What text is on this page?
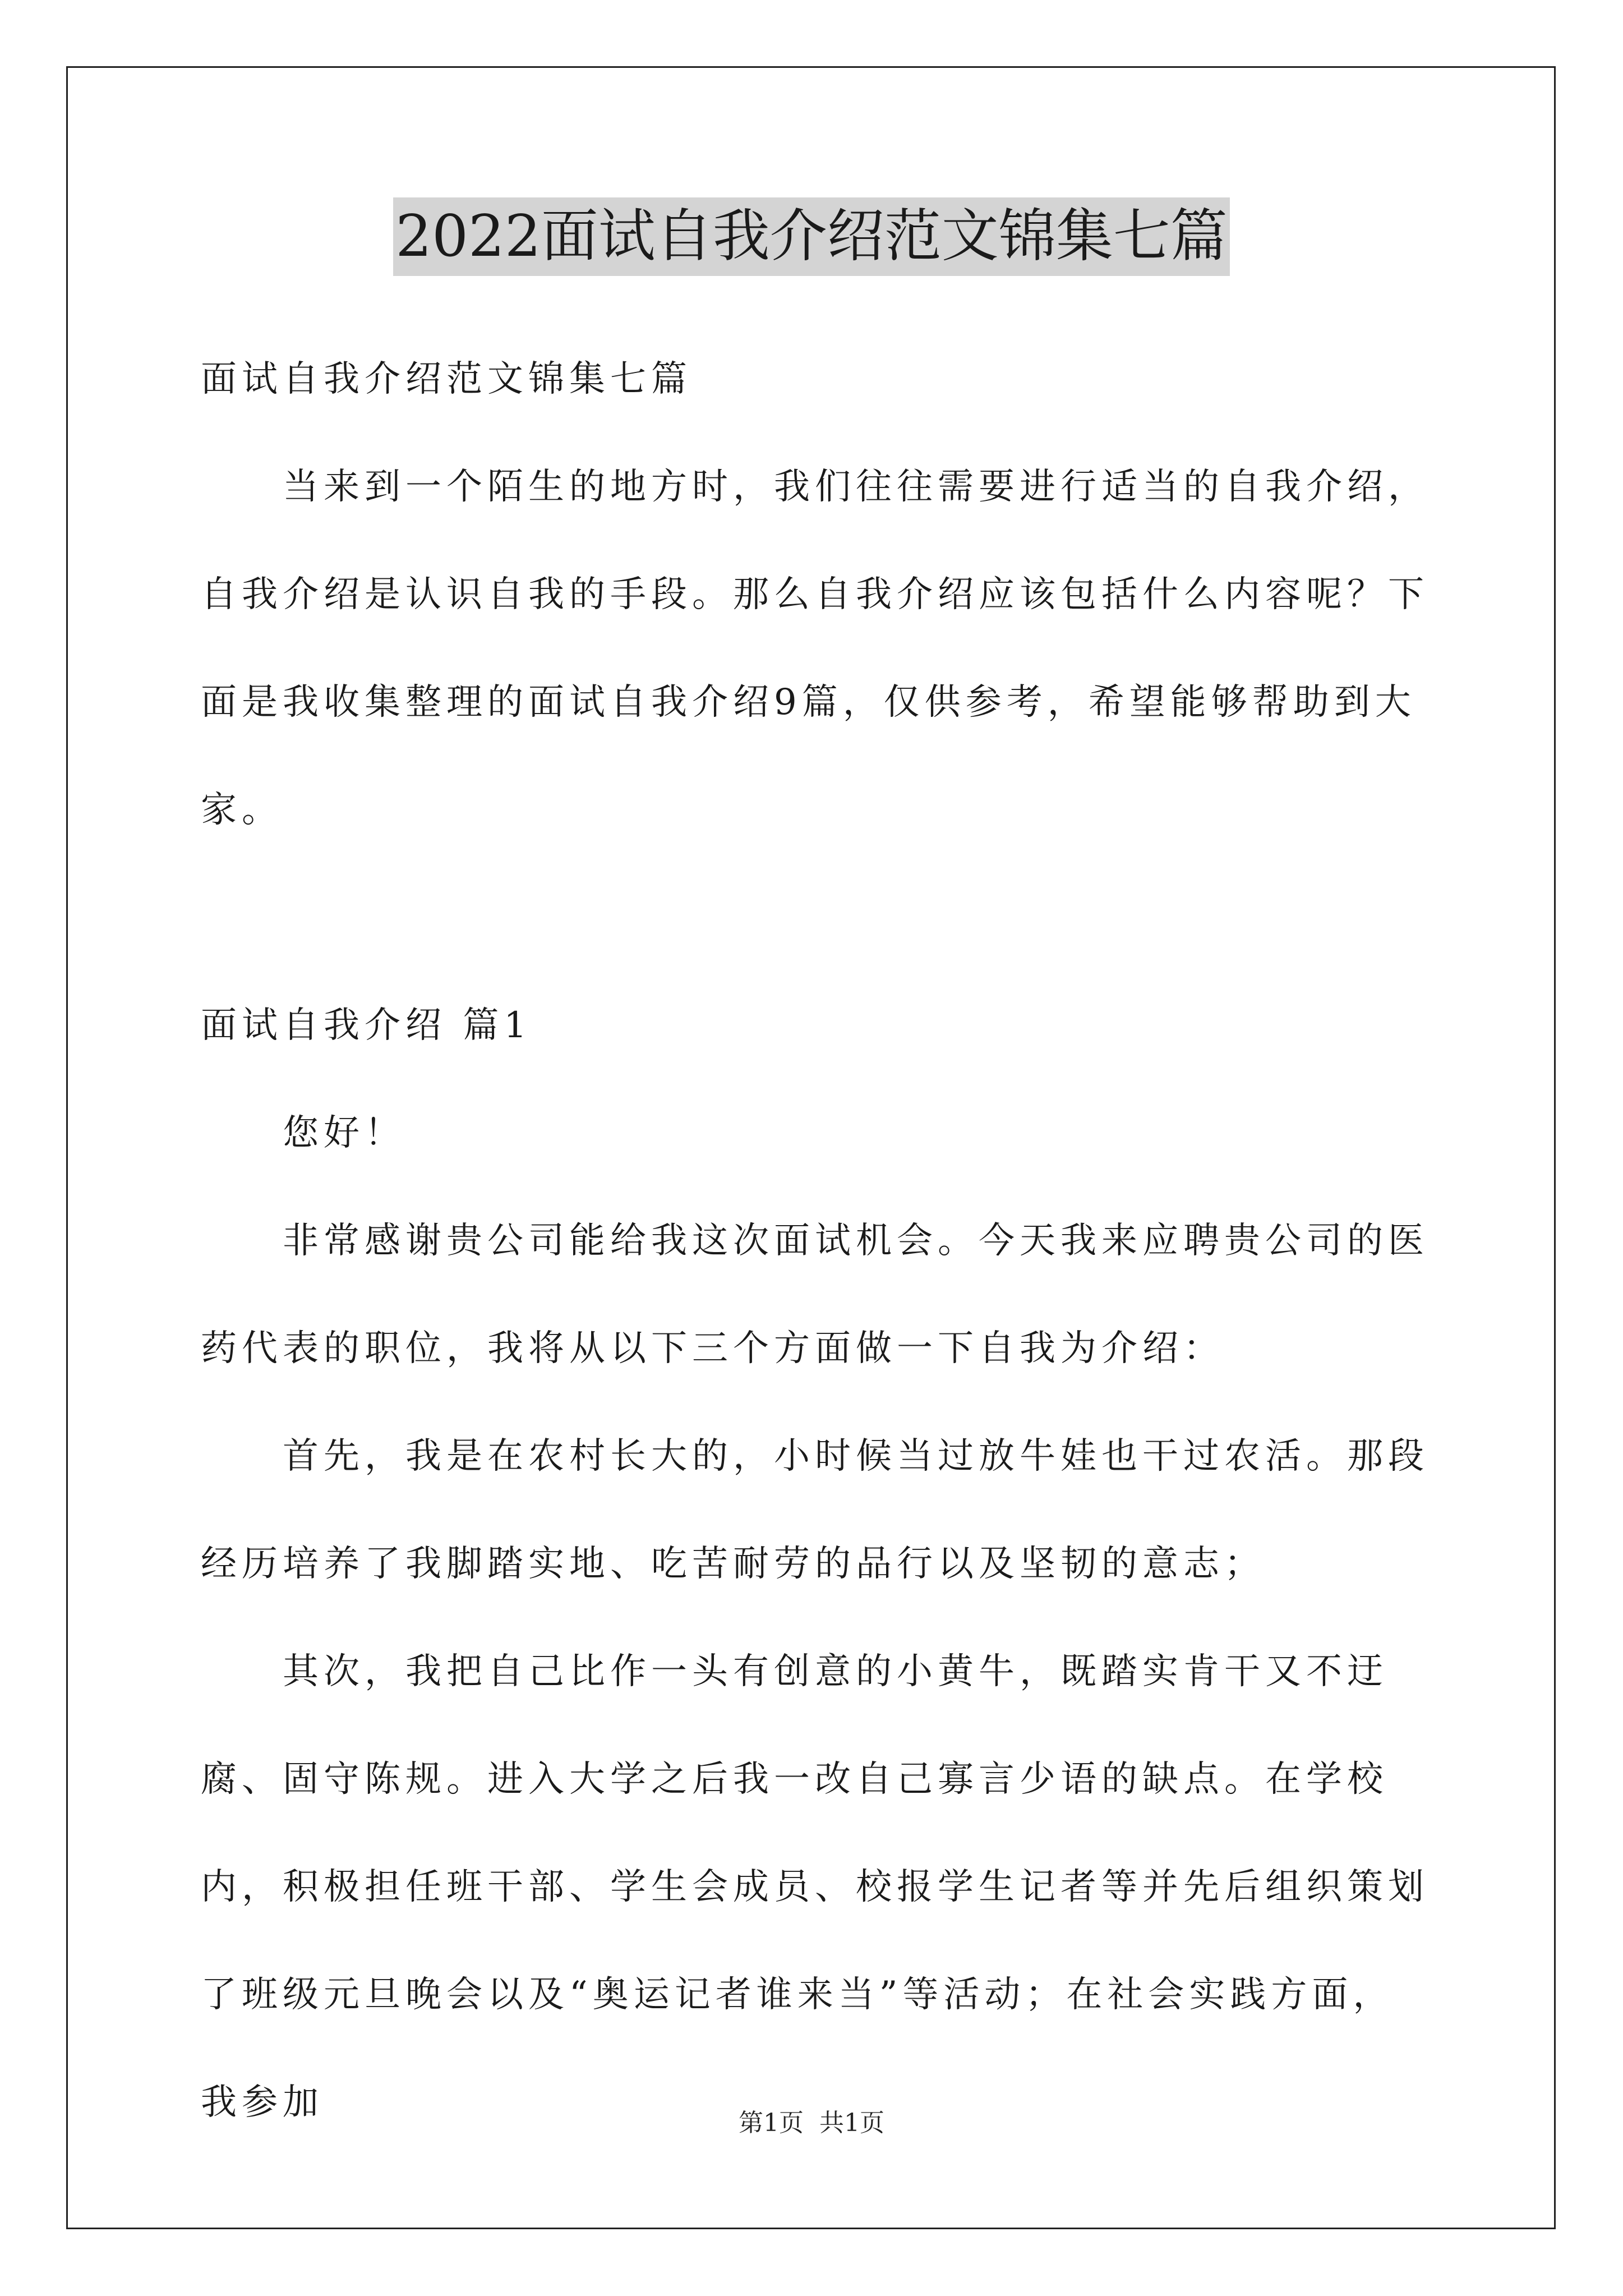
2022面试自我介绍范文锦集七篇

面试自我介绍范文锦集七篇

当来到一个陌生的地方时，我们往往需要进行适当的自我介绍，自我介绍是认识自我的手段。那么自我介绍应该包括什么内容呢？下面是我收集整理的面试自我介绍9篇，仅供参考，希望能够帮助到大家。

面试自我介绍 篇1

您好！

非常感谢贵公司能给我这次面试机会。今天我来应聘贵公司的医药代表的职位，我将从以下三个方面做一下自我为介绍：

首先，我是在农村长大的，小时候当过放牛娃也干过农活。那段经历培养了我脚踏实地、吃苦耐劳的品行以及坚韧的意志；

其次，我把自己比作一头有创意的小黄牛，既踏实肯干又不迂腐、固守陈规。进入大学之后我一改自己寡言少语的缺点。在学校内，积极担任班干部、学生会成员、校报学生记者等并先后组织策划了班级元旦晚会以及“奥运记者谁来当”等活动；在社会实践方面，我参加	第1页 共1页
